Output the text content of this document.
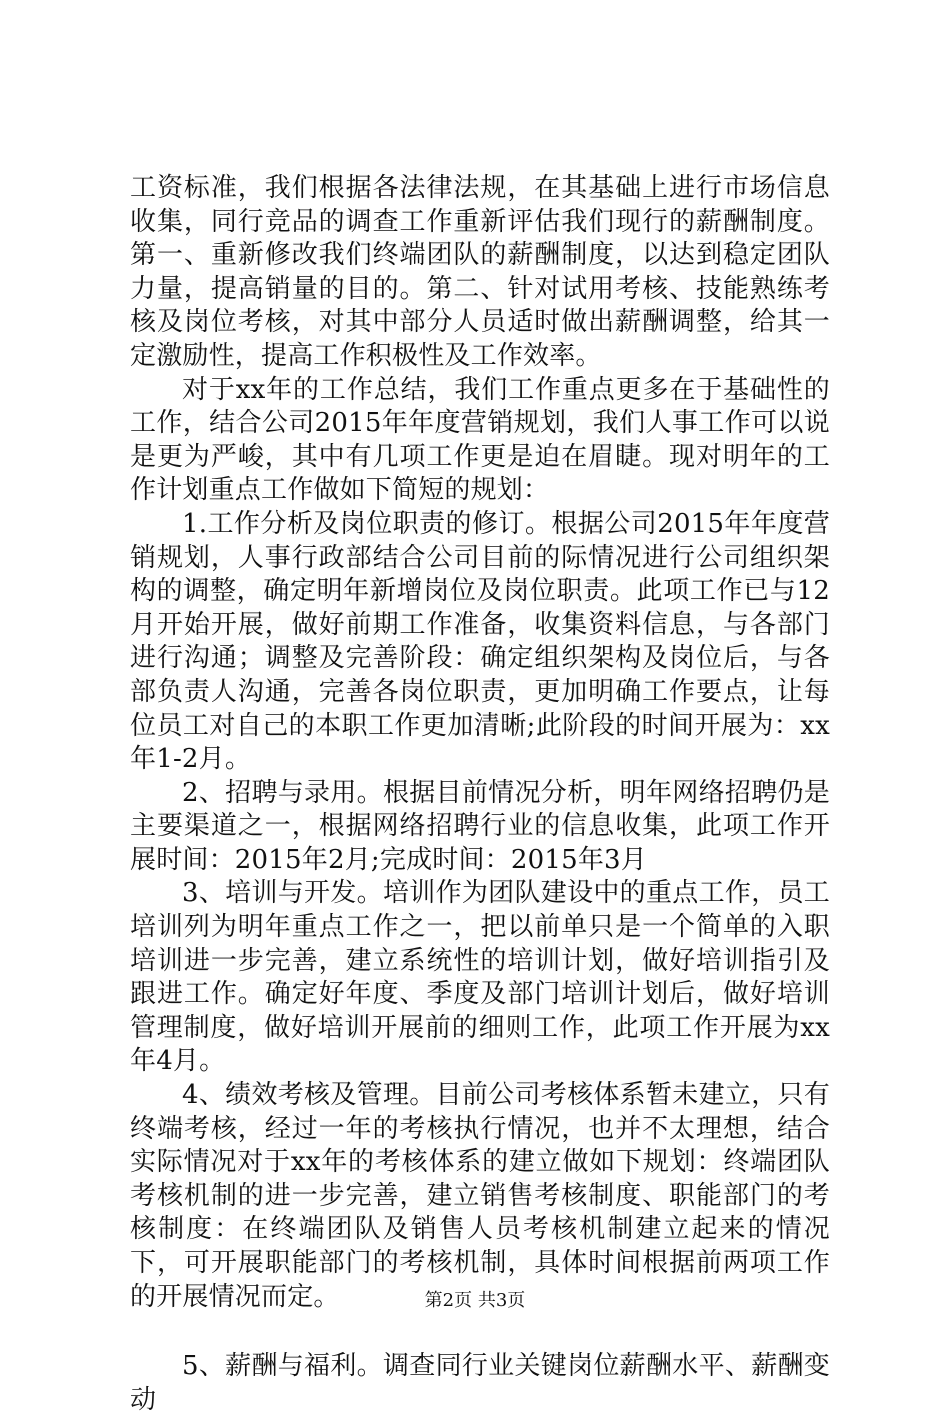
工资标准，我们根据各法律法规，在其基础上进行市场信息收集，同行竞品的调查工作重新评估我们现行的薪酬制度。第一、重新修改我们终端团队的薪酬制度，以达到稳定团队力量，提高销量的目的。第二、针对试用考核、技能熟练考核及岗位考核，对其中部分人员适时做出薪酬调整，给其一定激励性，提高工作积极性及工作效率。

对于xx年的工作总结，我们工作重点更多在于基础性的工作，结合公司2015年年度营销规划，我们人事工作可以说是更为严峻，其中有几项工作更是迫在眉睫。现对明年的工作计划重点工作做如下简短的规划：

1.工作分析及岗位职责的修订。根据公司2015年年度营销规划，人事行政部结合公司目前的际情况进行公司组织架构的调整，确定明年新增岗位及岗位职责。此项工作已与12月开始开展，做好前期工作准备，收集资料信息，与各部门进行沟通；调整及完善阶段：确定组织架构及岗位后，与各部负责人沟通，完善各岗位职责，更加明确工作要点，让每位员工对自己的本职工作更加清晰;此阶段的时间开展为：xx年1-2月。

2、招聘与录用。根据目前情况分析，明年网络招聘仍是主要渠道之一，根据网络招聘行业的信息收集，此项工作开展时间：2015年2月;完成时间：2015年3月

3、培训与开发。培训作为团队建设中的重点工作，员工培训列为明年重点工作之一，把以前单只是一个简单的入职培训进一步完善，建立系统性的培训计划，做好培训指引及跟进工作。确定好年度、季度及部门培训计划后，做好培训管理制度，做好培训开展前的细则工作，此项工作开展为xx年4月。

4、绩效考核及管理。目前公司考核体系暂未建立，只有终端考核，经过一年的考核执行情况，也并不太理想，结合实际情况对于xx年的考核体系的建立做如下规划：终端团队考核机制的进一步完善，建立销售考核制度、职能部门的考核制度：在终端团队及销售人员考核机制建立起来的情况下，可开展职能部门的考核机制，具体时间根据前两项工作的开展情况而定。

5、薪酬与福利。调查同行业关键岗位薪酬水平、薪酬变动

第2页 共3页
